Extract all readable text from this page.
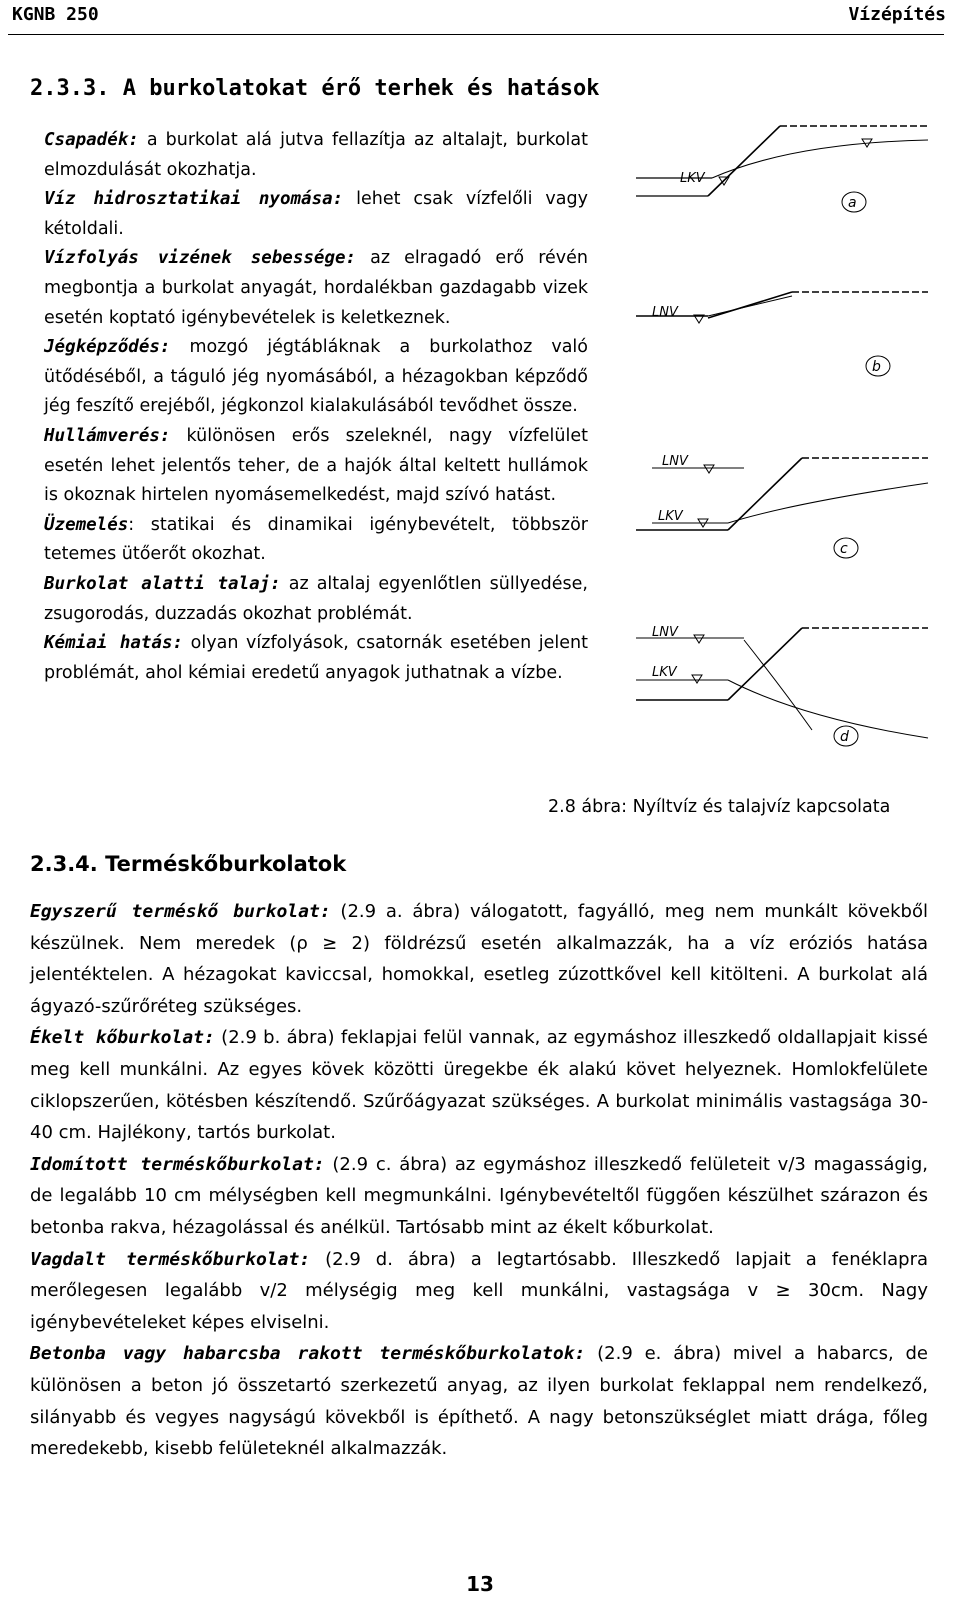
KGNB 250	Vízépítés
2.3.3. A burkolatokat érő terhek és hatások

Csapadék: a burkolat alá jutva fellazítja az altalajt, burkolat elmozdulását okozhatja.

Víz hidrosztatikai nyomása: lehet csak vízfelőli vagy kétoldali.

Vízfolyás vizének sebessége: az elragadó erő révén megbontja a burkolat anyagát, hordalékban gazdagabb vizek esetén koptató igénybevételek is keletkeznek.

Jégképződés: mozgó jégtábláknak a burkolathoz való ütődéséből, a táguló jég nyomásából, a hézagokban képződő jég feszítő erejéből, jégkonzol kialakulásából tevődhet össze.

Hullámverés: különösen erős szeleknél, nagy vízfelület esetén lehet jelentős teher, de a hajók által keltett hullámok is okoznak hirtelen nyomásemelkedést, majd szívó hatást.

Üzemelés: statikai és dinamikai igénybevételt, többször tetemes ütőerőt okozhat.

Burkolat alatti talaj: az altalaj egyenlőtlen süllyedése, zsugorodás, duzzadás okozhat problémát.

Kémiai hatás: olyan vízfolyások, csatornák esetében jelent problémát, ahol kémiai eredetű anyagok juthatnak a vízbe.

LKV
a
LNV
b
LNV
LKV
c
LNV
LKV
d
2.8 ábra: Nyíltvíz és talajvíz kapcsolata
2.3.4. Terméskőburkolatok

Egyszerű terméskő burkolat: (2.9 a. ábra) válogatott, fagyálló, meg nem munkált kövekből készülnek. Nem meredek (ρ ≥ 2) földrézsű esetén alkalmazzák, ha a víz eróziós hatása jelentéktelen. A hézagokat kaviccsal, homokkal, esetleg zúzottkővel kell kitölteni. A burkolat alá ágyazó-szűrőréteg szükséges.

Ékelt kőburkolat: (2.9 b. ábra) feklapjai felül vannak, az egymáshoz illeszkedő oldallapjait kissé meg kell munkálni. Az egyes kövek közötti üregekbe ék alakú követ helyeznek. Homlokfelülete ciklopszerűen, kötésben készítendő. Szűrőágyazat szükséges. A burkolat minimális vastagsága 30-40 cm. Hajlékony, tartós burkolat.

Idomított terméskőburkolat: (2.9 c. ábra) az egymáshoz illeszkedő felületeit v/3 magasságig, de legalább 10 cm mélységben kell megmunkálni. Igénybevételtől függően készülhet szárazon és betonba rakva, hézagolással és anélkül. Tartósabb mint az ékelt kőburkolat.

Vagdalt terméskőburkolat: (2.9 d. ábra) a legtartósabb. Illeszkedő lapjait a fenéklapra merőlegesen legalább v/2 mélységig meg kell munkálni, vastagsága v ≥ 30cm. Nagy igénybevételeket képes elviselni.

Betonba vagy habarcsba rakott terméskőburkolatok: (2.9 e. ábra) mivel a habarcs, de különösen a beton jó összetartó szerkezetű anyag, az ilyen burkolat feklappal nem rendelkező, silányabb és vegyes nagyságú kövekből is építhető. A nagy betonszükséglet miatt drága, főleg meredekebb, kisebb felületeknél alkalmazzák.

13
